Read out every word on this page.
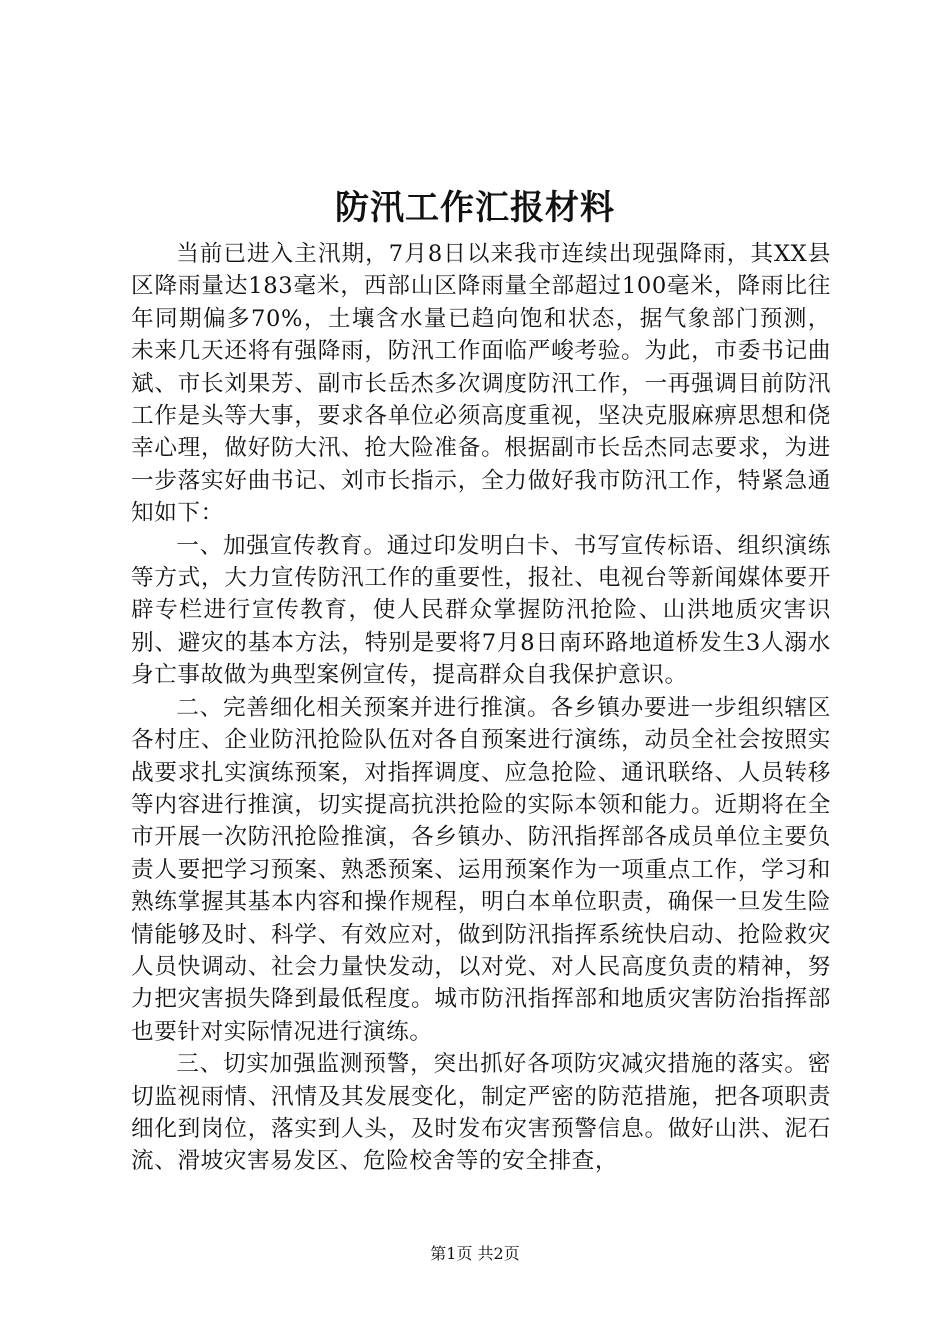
防汛工作汇报材料

当前已进入主汛期，7月8日以来我市连续出现强降雨，其XX县区降雨量达183毫米，西部山区降雨量全部超过100毫米，降雨比往年同期偏多70%，土壤含水量已趋向饱和状态，据气象部门预测，未来几天还将有强降雨，防汛工作面临严峻考验。为此，市委书记曲斌、市长刘果芳、副市长岳杰多次调度防汛工作，一再强调目前防汛工作是头等大事，要求各单位必须高度重视，坚决克服麻痹思想和侥幸心理，做好防大汛、抢大险准备。根据副市长岳杰同志要求，为进一步落实好曲书记、刘市长指示，全力做好我市防汛工作，特紧急通知如下：

一、加强宣传教育。通过印发明白卡、书写宣传标语、组织演练等方式，大力宣传防汛工作的重要性，报社、电视台等新闻媒体要开辟专栏进行宣传教育，使人民群众掌握防汛抢险、山洪地质灾害识别、避灾的基本方法，特别是要将7月8日南环路地道桥发生3人溺水身亡事故做为典型案例宣传，提高群众自我保护意识。

二、完善细化相关预案并进行推演。各乡镇办要进一步组织辖区各村庄、企业防汛抢险队伍对各自预案进行演练，动员全社会按照实战要求扎实演练预案，对指挥调度、应急抢险、通讯联络、人员转移等内容进行推演，切实提高抗洪抢险的实际本领和能力。近期将在全市开展一次防汛抢险推演，各乡镇办、防汛指挥部各成员单位主要负责人要把学习预案、熟悉预案、运用预案作为一项重点工作，学习和熟练掌握其基本内容和操作规程，明白本单位职责，确保一旦发生险情能够及时、科学、有效应对，做到防汛指挥系统快启动、抢险救灾人员快调动、社会力量快发动，以对党、对人民高度负责的精神，努力把灾害损失降到最低程度。城市防汛指挥部和地质灾害防治指挥部也要针对实际情况进行演练。

三、切实加强监测预警，突出抓好各项防灾减灾措施的落实。密切监视雨情、汛情及其发展变化，制定严密的防范措施，把各项职责细化到岗位，落实到人头，及时发布灾害预警信息。做好山洪、泥石流、滑坡灾害易发区、危险校舍等的安全排查，

第1页 共2页
